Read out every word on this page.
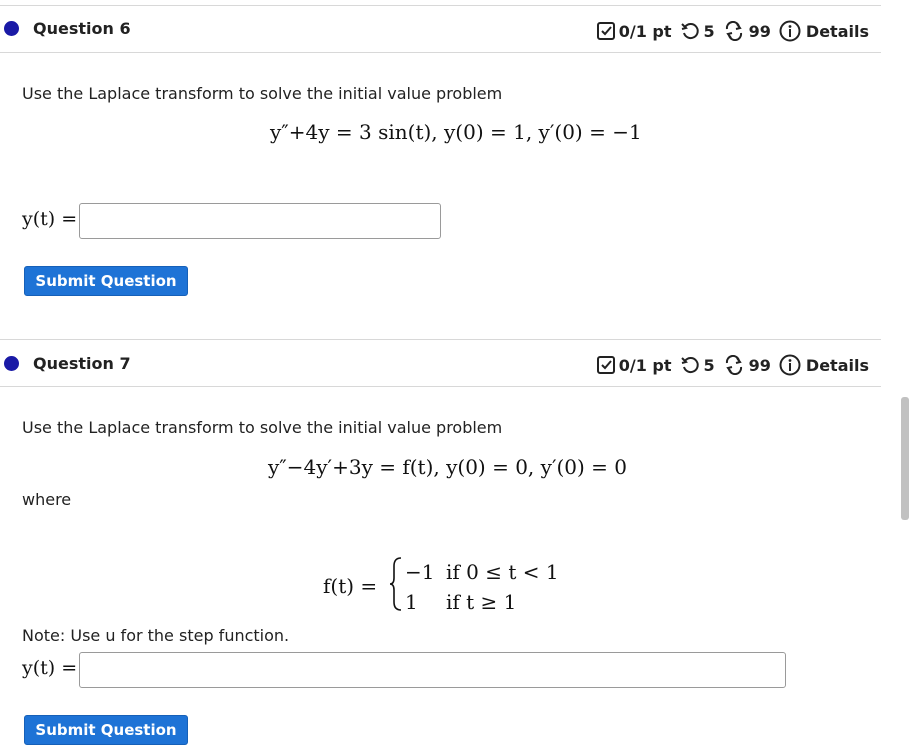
Question 6	0/1 pt 5 99 Details
Use the Laplace transform to solve the initial value problem
y″+4y = 3 sin(t), y(0) = 1, y′(0) = −1
y(t) =
Submit Question
Question 7	0/1 pt 5 99 Details
Use the Laplace transform to solve the initial value problem
y″−4y′+3y = f(t), y(0) = 0, y′(0) = 0
where
f(t) =
−1 if 0 ≤ t < 1
1 if t ≥ 1
Note: Use u for the step function.
y(t) =
Submit Question
